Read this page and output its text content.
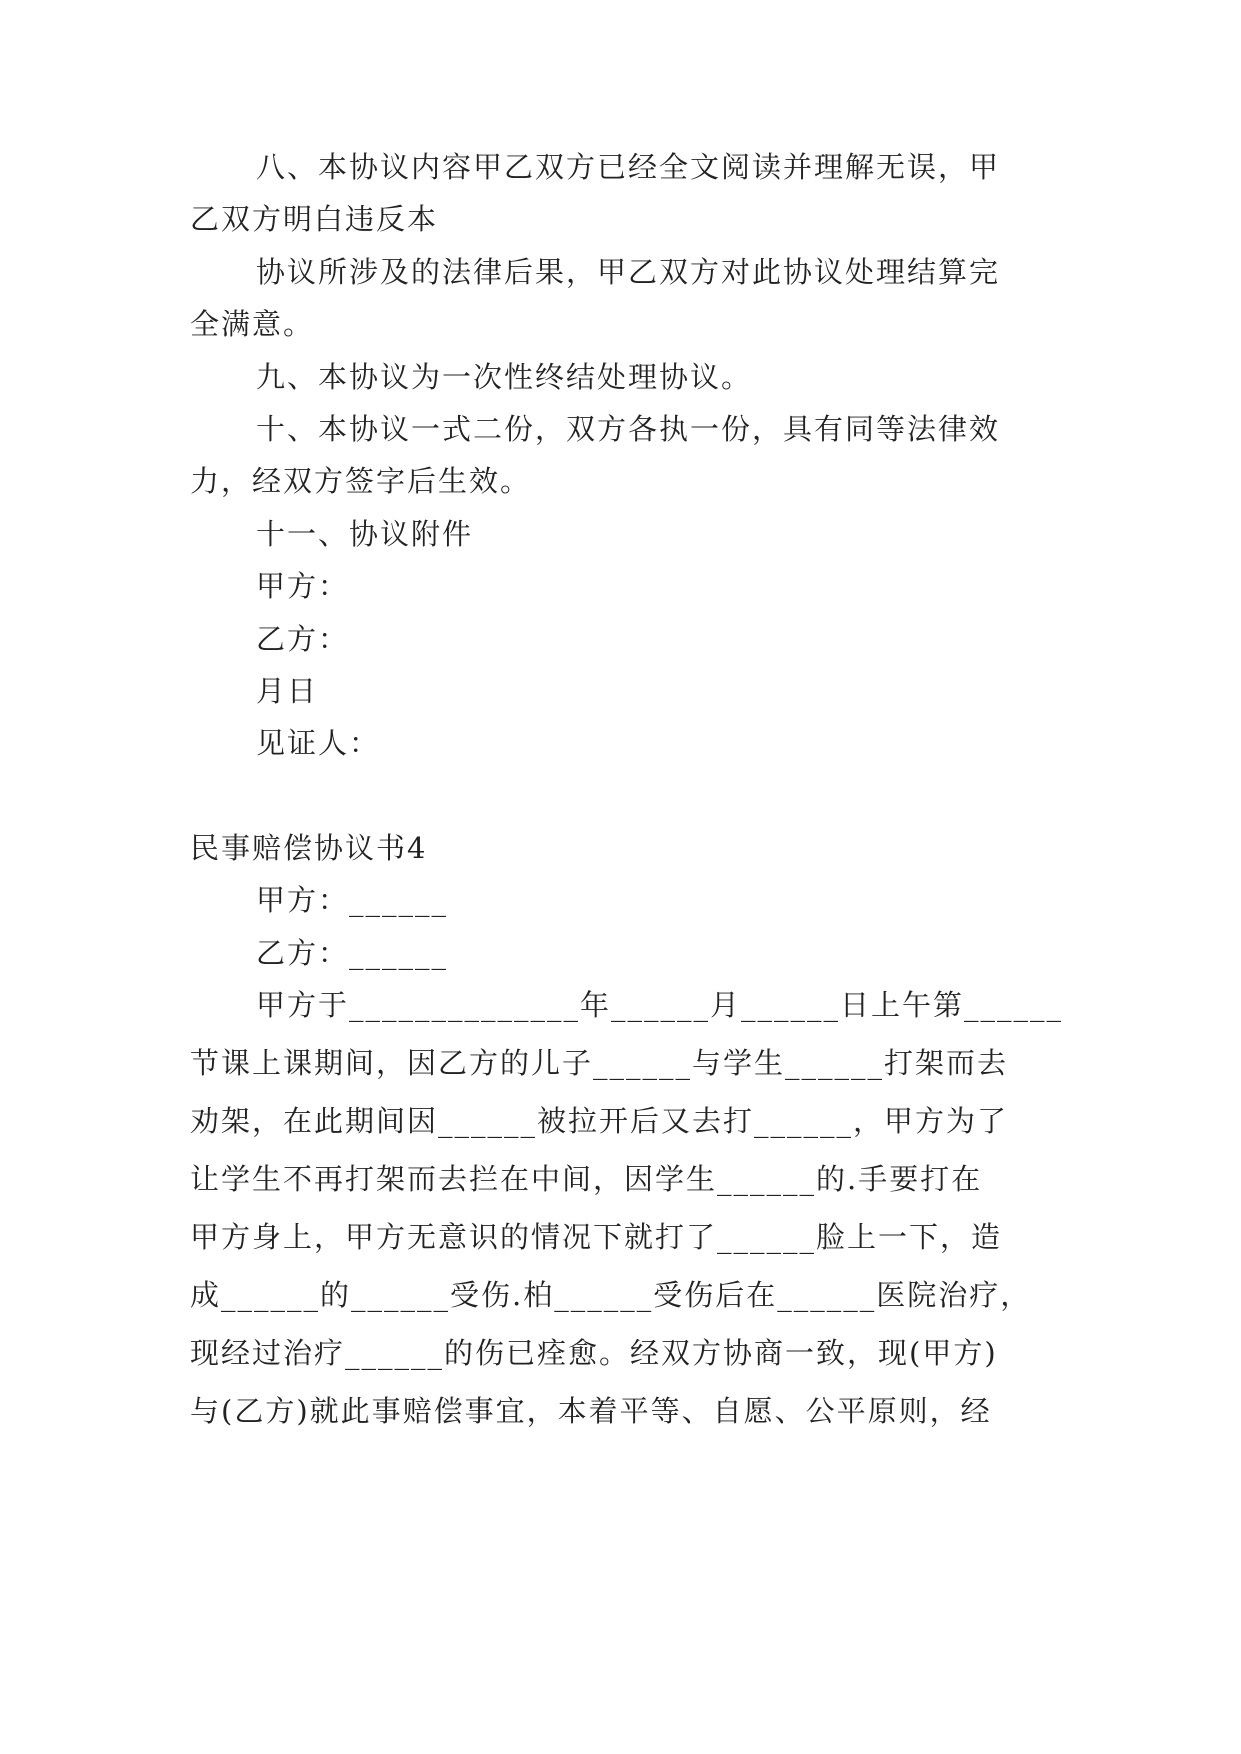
八、本协议内容甲乙双方已经全文阅读并理解无误，甲
乙双方明白违反本
协议所涉及的法律后果，甲乙双方对此协议处理结算完
全满意。
九、本协议为一次性终结处理协议。
十、本协议一式二份，双方各执一份，具有同等法律效
力，经双方签字后生效。
十一、协议附件
甲方：
乙方：
月日
见证人：
民事赔偿协议书4
甲方：______
乙方：______
甲方于______________年______月______日上午第______
节课上课期间，因乙方的儿子______与学生______打架而去
劝架，在此期间因______被拉开后又去打______，甲方为了
让学生不再打架而去拦在中间，因学生______的.手要打在
甲方身上，甲方无意识的情况下就打了______脸上一下，造
成______的______受伤.柏______受伤后在______医院治疗，
现经过治疗______的伤已痊愈。经双方协商一致，现(甲方)
与(乙方)就此事赔偿事宜，本着平等、自愿、公平原则，经
